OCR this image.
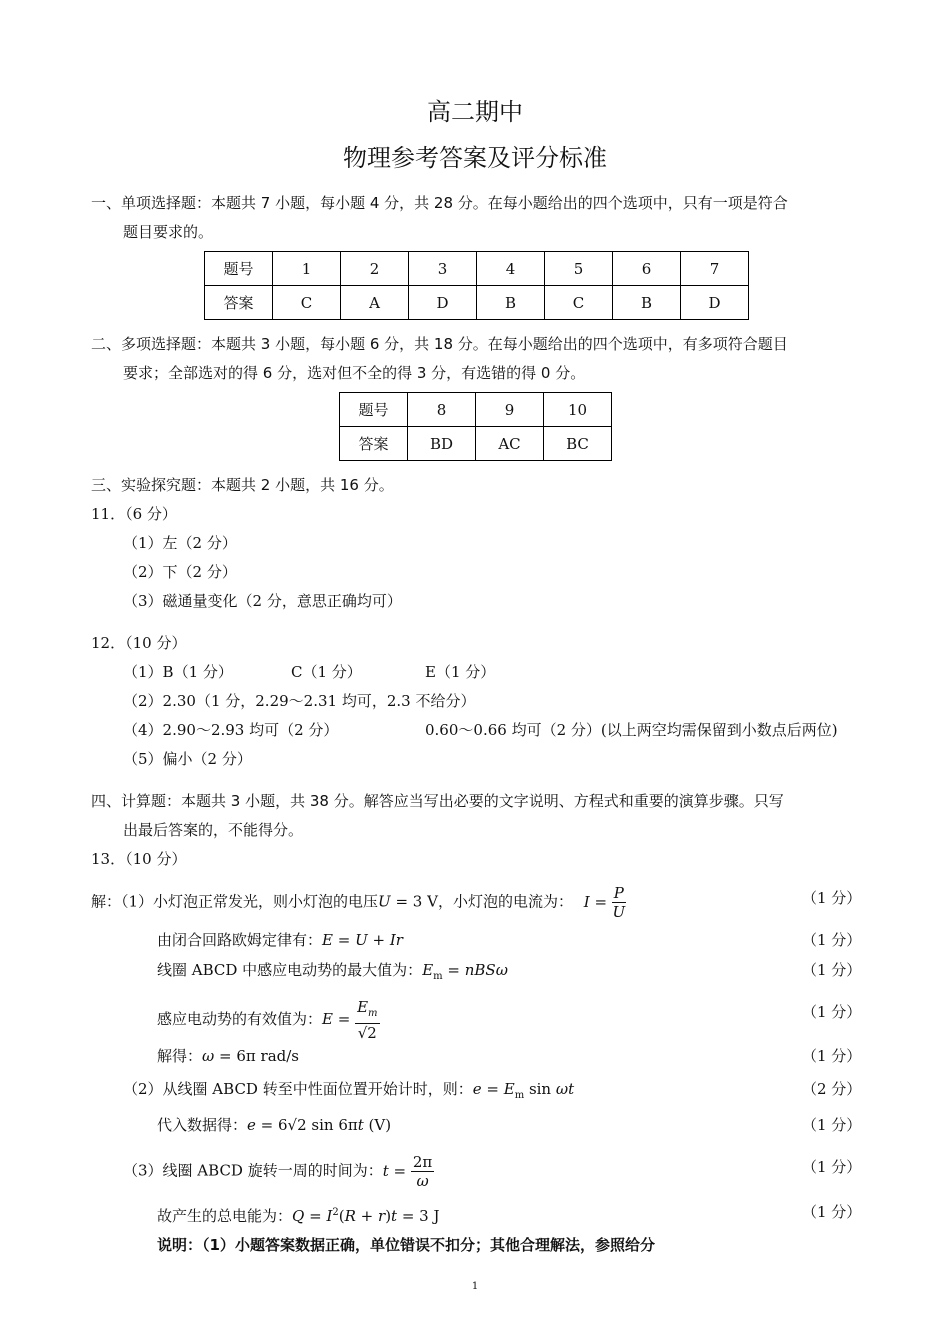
高二期中
物理参考答案及评分标准
一、单项选择题：本题共 7 小题，每小题 4 分，共 28 分。在每小题给出的四个选项中，只有一项是符合
题目要求的。
题号	1	2	3	4	5	6	7
答案	C	A	D	B	C	B	D
二、多项选择题：本题共 3 小题，每小题 6 分，共 18 分。在每小题给出的四个选项中，有多项符合题目
要求；全部选对的得 6 分，选对但不全的得 3 分，有选错的得 0 分。
题号	8	9	10
答案	BD	AC	BC
三、实验探究题：本题共 2 小题，共 16 分。
11．（6 分）
（1）左（2 分）
（2）下（2 分）
（3）磁通量变化（2 分，意思正确均可）
12．（10 分）
（1）B（1 分）	C（1 分）	E（1 分）
（2）2.30（1 分，2.29～2.31 均可，2.3 不给分）
（4）2.90～2.93 均可（2 分）	0.60～0.66 均可（2 分）(以上两空均需保留到小数点后两位)
（5）偏小（2 分）
四、计算题：本题共 3 小题，共 38 分。解答应当写出必要的文字说明、方程式和重要的演算步骤。只写
出最后答案的，不能得分。
13．（10 分）
解：（1）小灯泡正常发光，则小灯泡的电压U = 3 V，小灯泡的电流为： $I = \frac{P}{U}$	（1 分）
由闭合回路欧姆定律有：E = U + Ir	（1 分）
线圈 ABCD 中感应电动势的最大值为：$E_m = nBS\omega$	（1 分）
感应电动势的有效值为：$E = \frac{E_m}{√2}$	（1 分）
解得：ω = 6π rad/s	（1 分）
（2）从线圈 ABCD 转至中性面位置开始计时，则：$e = E_m$ sin ωt	（2 分）
代入数据得：e = 6√2 sin 6πt (V)	（1 分）
（3）线圈 ABCD 旋转一周的时间为：$t = \frac{2\pi}{\omega}$	（1 分）
故产生的总电能为：$Q = I^2(R + r)t = 3$ J	（1 分）
说明：（1）小题答案数据正确，单位错误不扣分；其他合理解法，参照给分
1
